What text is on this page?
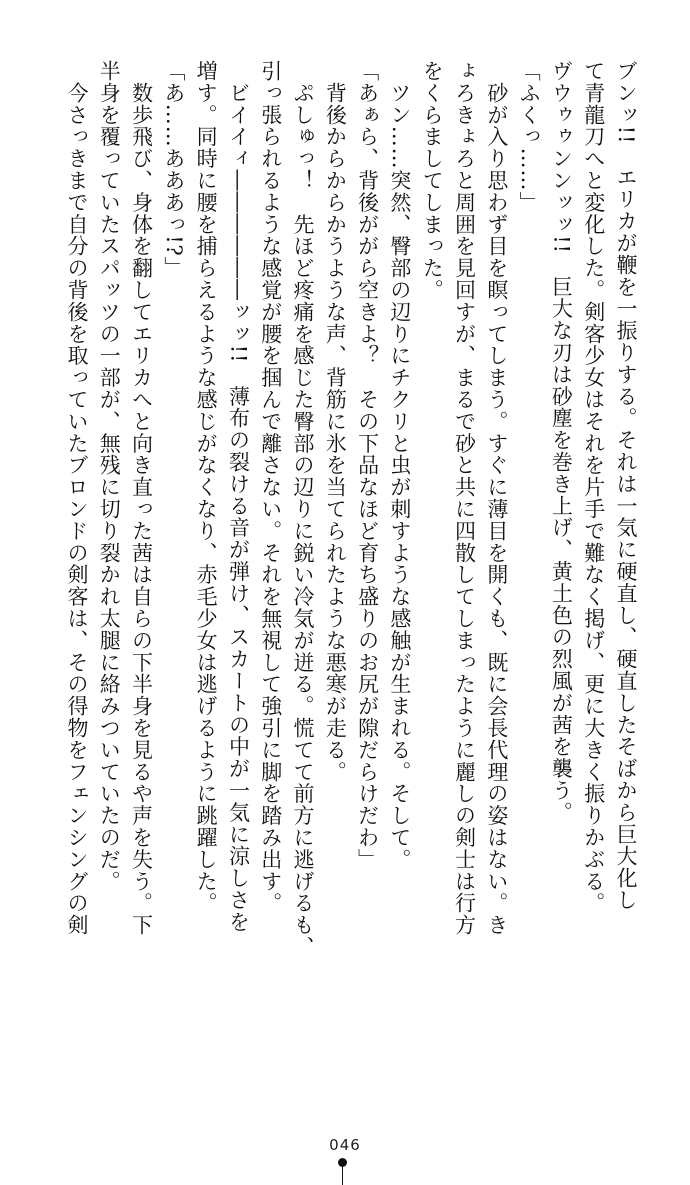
ブンッ!!　エリカが鞭を一振りする。それは一気に硬直し、硬直したそばから巨大化し
て青龍刀へと変化した。剣客少女はそれを片手で難なく掲げ、更に大きく振りかぶる。
ヴウゥゥンンッッ!!　巨大な刃は砂塵を巻き上げ、黄土色の烈風が茜を襲う。
「ふくっ……」
　砂が入り思わず目を瞑ってしまう。すぐに薄目を開くも、既に会長代理の姿はない。き
ょろきょろと周囲を見回すが、まるで砂と共に四散してしまったように麗しの剣士は行方
をくらましてしまった。
　ツン……突然、臀部の辺りにチクリと虫が刺すような感触が生まれる。そして。
「あぁら、背後ががら空きよ？　その下品なほど育ち盛りのお尻が隙だらけだわ」
　背後からからかうような声、背筋に氷を当てられたような悪寒が走る。
　ぷしゅっ！　先ほど疼痛を感じた臀部の辺りに鋭い冷気が迸る。慌てて前方に逃げるも、
引っ張られるような感覚が腰を掴んで離さない。それを無視して強引に脚を踏み出す。
　ビイイィ――――――ッッ!!　薄布の裂ける音が弾け、スカートの中が一気に涼しさを
増す。同時に腰を捕らえるような感じがなくなり、赤毛少女は逃げるように跳躍した。
「あ……あああっ!?」
　数歩飛び、身体を翻してエリカへと向き直った茜は自らの下半身を見るや声を失う。下
半身を覆っていたスパッツの一部が、無残に切り裂かれ太腿に絡みついていたのだ。
　今さっきまで自分の背後を取っていたブロンドの剣客は、その得物をフェンシングの剣
046
